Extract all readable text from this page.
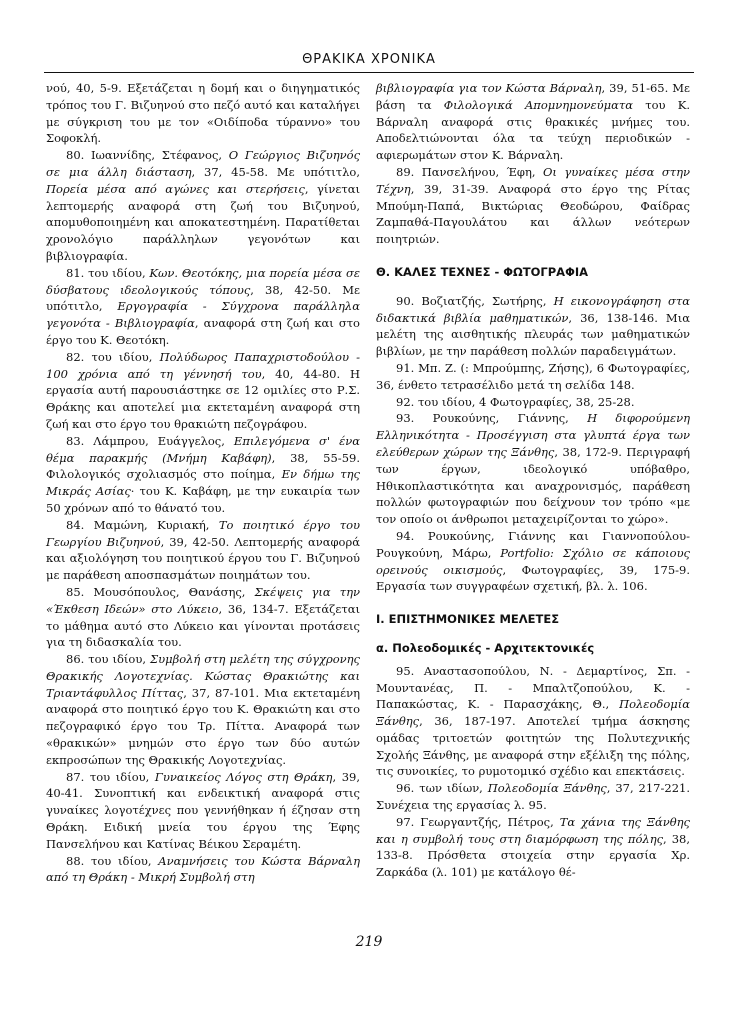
ΘΡΑΚΙΚΑ ΧΡΟΝΙΚΑ

νού, 40, 5-9. Εξετάζεται η δομή και ο διηγηματικός τρόπος του Γ. Βιζυηνού στο πεζό αυτό και καταλήγει με σύγκριση του με τον «Οιδίποδα τύραννο» του Σοφοκλή.

80. Ιωαννίδης, Στέφανος, Ο Γεώργιος Βιζυηνός σε μια άλλη διάσταση, 37, 45-58. Με υπότιτλο, Πορεία μέσα από αγώνες και στερήσεις, γίνεται λεπτομερής αναφορά στη ζωή του Βιζυηνού, απομυθοποιημένη και αποκατεστημένη. Παρατίθεται χρονολόγιο παράλληλων γεγονότων και βιβλιογραφία.

81. του ιδίου, Κων. Θεοτόκης, μια πορεία μέσα σε δύσβατους ιδεολογικούς τόπους, 38, 42-50. Με υπότιτλο, Εργογραφία - Σύγχρονα παράλληλα γεγονότα - Βιβλιογραφία, αναφορά στη ζωή και στο έργο του Κ. Θεοτόκη.

82. του ιδίου, Πολύδωρος Παπαχριστοδούλου - 100 χρόνια από τη γέννησή του, 40, 44-80. Η εργασία αυτή παρουσιάστηκε σε 12 ομιλίες στο Ρ.Σ. Θράκης και αποτελεί μια εκτεταμένη αναφορά στη ζωή και στο έργο του θρακιώτη πεζογράφου.

83. Λάμπρου, Ευάγγελος, Επιλεγόμενα σ' ένα θέμα παρακμής (Μνήμη Καβάφη), 38, 55-59. Φιλολογικός σχολιασμός στο ποίημα, Εν δήμω της Μικράς Ασίας· του Κ. Καβάφη, με την ευκαιρία των 50 χρόνων από το θάνατό του.

84. Μαμώνη, Κυριακή, Το ποιητικό έργο του Γεωργίου Βιζυηνού, 39, 42-50. Λεπτομερής αναφορά και αξιολόγηση του ποιητικού έργου του Γ. Βιζυηνού με παράθεση αποσπασμάτων ποιημάτων του.

85. Μουσόπουλος, Θανάσης, Σκέψεις για την «Έκθεση Ιδεών» στο Λύκειο, 36, 134-7. Εξετάζεται το μάθημα αυτό στο Λύκειο και γίνονται προτάσεις για τη διδασκαλία του.

86. του ιδίου, Συμβολή στη μελέτη της σύγχρονης Θρακικής Λογοτεχνίας. Κώστας Θρακιώτης και Τριαντάφυλλος Πίττας, 37, 87-101. Μια εκτεταμένη αναφορά στο ποιητικό έργο του Κ. Θρακιώτη και στο πεζογραφικό έργο του Τρ. Πίττα. Αναφορά των «θρακικών» μνημών στο έργο των δύο αυτών εκπροσώπων της Θρακικής Λογοτεχνίας.

87. του ιδίου, Γυναικείος Λόγος στη Θράκη, 39, 40-41. Συνοπτική και ενδεικτική αναφορά στις γυναίκες λογοτέχνες που γεννήθηκαν ή έζησαν στη Θράκη. Ειδική μνεία του έργου της Έφης Πανσελήνου και Κατίνας Βέικου Σεραμέτη.

88. του ιδίου, Αναμνήσεις του Κώστα Βάρναλη από τη Θράκη - Μικρή Συμβολή στη

βιβλιογραφία για τον Κώστα Βάρναλη, 39, 51-65. Με βάση τα Φιλολογικά Απομνημονεύματα του Κ. Βάρναλη αναφορά στις θρακικές μνήμες του. Αποδελτιώνονται όλα τα τεύχη περιοδικών - αφιερωμάτων στον Κ. Βάρναλη.

89. Πανσελήνου, Έφη, Οι γυναίκες μέσα στην Τέχνη, 39, 31-39. Αναφορά στο έργο της Ρίτας Μπούμη-Παπά, Βικτώριας Θεοδώρου, Φαίδρας Ζαμπαθά-Παγουλάτου και άλλων νεότερων ποιητριών.

Θ. ΚΑΛΕΣ ΤΕΧΝΕΣ - ΦΩΤΟΓΡΑΦΙΑ

90. Βοζιατζής, Σωτήρης, Η εικονογράφηση στα διδακτικά βιβλία μαθηματικών, 36, 138-146. Μια μελέτη της αισθητικής πλευράς των μαθηματικών βιβλίων, με την παράθεση πολλών παραδειγμάτων.

91. Μπ. Ζ. (: Μπρούμπης, Ζήσης), 6 Φωτογραφίες, 36, ένθετο τετρασέλιδο μετά τη σελίδα 148.

92. του ιδίου, 4 Φωτογραφίες, 38, 25-28.

93. Ρουκούνης, Γιάννης, Η διφορούμενη Ελληνικότητα - Προσέγγιση στα γλυπτά έργα των ελεύθερων χώρων της Ξάνθης, 38, 172-9. Περιγραφή των έργων, ιδεολογικό υπόβαθρο, Ηθικοπλαστικότητα και αναχρονισμός, παράθεση πολλών φωτογραφιών που δείχνουν τον τρόπο «με τον οποίο οι άνθρωποι μεταχειρίζονται το χώρο».

94. Ρουκούνης, Γιάννης και Γιαννοπούλου-Ρουγκούνη, Μάρω, Portfolio: Σχόλιο σε κάποιους ορεινούς οικισμούς, Φωτογραφίες, 39, 175-9. Εργασία των συγγραφέων σχετική, βλ. λ. 106.

Ι. ΕΠΙΣΤΗΜΟΝΙΚΕΣ ΜΕΛΕΤΕΣ
α. Πολεοδομικές - Αρχιτεκτονικές

95. Αναστασοπούλου, Ν. - Δεμαρτίνος, Σπ. - Μουντανέας, Π. - Μπαλτζοπούλου, Κ. - Παπακώστας, Κ. - Παρασχάκης, Θ., Πολεοδομία Ξάνθης, 36, 187-197. Αποτελεί τμήμα άσκησης ομάδας τριτοετών φοιτητών της Πολυτεχνικής Σχολής Ξάνθης, με αναφορά στην εξέλιξη της πόλης, τις συνοικίες, το ρυμοτομικό σχέδιο και επεκτάσεις.

96. των ιδίων, Πολεοδομία Ξάνθης, 37, 217-221. Συνέχεια της εργασίας λ. 95.

97. Γεωργαντζής, Πέτρος, Τα χάνια της Ξάνθης και η συμβολή τους στη διαμόρφωση της πόλης, 38, 133-8. Πρόσθετα στοιχεία στην εργασία Χρ. Ζαρκάδα (λ. 101) με κατάλογο θέ-

219
